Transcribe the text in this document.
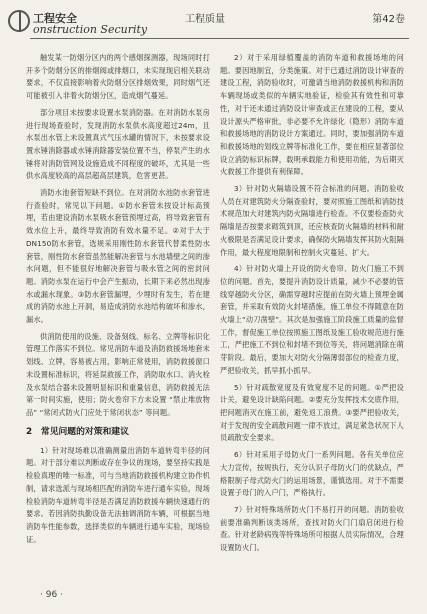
工程安全
onstruction Security
工程质量	第42卷

触发某一防烟分区内的两个感烟探测器，现场同时打开多个防烟分区的排烟阀或排烟口，未实现现启相关联动要求，不仅直接影响着火防烟分区排烟效果，同时烟气还可能被引入非着火防烟分区，造成烟气蔓延。

部分项目未按要求设置水泵消防器。在对消防水泵房进行现场查验时，发现消防水泵供水高度超过24m，且水泵出水管上未设置真式气压水罐的情况下，未按要求设置水锤消除器或水锤消除器安装位置不当，停泵产生的水锤将对消防管网及设施造成不同程度的破坏，尤其是一些供水高度较高的高层超高层建筑，危害更甚。

消防水池套管短缺不到位。在对消防水池防水套管进行查验时，常见以下问题。①防水套管未按设计标高预埋，若由建设消防水泵吸水套管预埋过高，将导致套管有效水位上升，最终导致消防有效水量不足。②对于大于DN150防水套管，选规采用刚性防水套管代替柔性防水套管，刚性防水套管虽然能解决套管与水池墙壁之间的渗水问题，但不能很好地解决套管与吸水管之间的密封问题。消防水泵在运行中会产生振动，长期下来必然出现渗水或漏水现象。③防水套管漏埋，少埋时有发生，若在建成的消防水池上开洞，易造成消防水池结构破坏和渗水，漏水。

供消防使用的设施、设备刻线、标名、立牌等标识化管理工作落实不到位。常见消防车道及消防救援场地套未划线、立牌，容易被占用，影响正常使用，消防救援窗口未设置标准标识，将延误救援工作，消防取水口、消火栓及水泵结合器未设置明显标识和重量信息，消防救援无法第一时间实施，使用；防火卷帘下方未设置 “禁止堆放物品” “常闭式防火门应处于常闭状态” 等问题。

2　常见问题的对策和建议

1）针对现场难以准确测量出消防车道转弯半径的问题。对于部分难以判断或存在争议的现场，要坚持实践是检验真理的唯一标准，可与当地消防救援机构建立协作机制，请求选派与现场相匹配的消防车进行通车实验，现场检验消防车道转弯半径是否满足消防救援车辆快速通行的要求。若因消防执勤设备无法抽调消防车辆，可根据当地消防车性能参数，选择类似的车辆进行通车实验，现场验证。

2）对于采用绿植覆盖的消防车道和救援场地的问题。要因地制宜，分类施策。对于已通过消防设计审查的建设工程，消防验收时，可邀请当地消防救援机构和消防车辆现场或类似的车辆实地验证，检验其有效性和可靠性，对于还未通过消防设计审查或正在建设的工程，要从设计源头严格审批，非必要不允许绿化（隐形）消防车道和救援场地的消防设计方案通过。同时，要加强消防车道和救援场地的划线立牌等标准化工作，要在相应显著部位设立消防标识标牌，载明承载能力和使用功能，为后期灭火救援工作提供有利保障。

3）针对防火隔墙设置不符合标准的问题。消防验收人员在对建筑防火分隔查验时，要对照施工图纸和消防技术规范加大对建筑内防火隔墙进行检查。不仅要检查防火隔墙是否按要求砌筑到顶，还应核查防火隔墙的材料和耐火极限是否满足设计要求，确保防火隔墙发挥其防火阻隔作用，最大程度地限制和控制火灾蔓延、扩大。

4）针对防火墙上开设的防火卷帘、防火门施工不到位的问题。首先，要提升消防设计质量，减少不必要的管线穿越防火分区，确需穿越时应提前在防火墙上预埋金属套管，并采取有效防火封堵措施，施工单位不得随意在防火墙上“动刀凿壁”。其次是加强施工阶段施工质量的监督工作，督促施工单位按照施工图纸及施工验收规范进行施工，严把施工不到位和封堵不到位等关，将问题消除在萌芽阶段。最后，要加大对防火分隔薄弱部位的检查力度，严把验收关，抓早抓小抓早。

5）针对疏散宽度及有效宽度不足的问题。①严把设计关，避免设计缺陷问题。②要充分发挥技术交底作用，把问题消灭在施工前，避免返工浪费。③要严把验收关，对于发现的安全疏散问题一律不放过，满足紧急状况下人员疏散安全要求。

6）针对采用子母防火门一系列问题。各有关单位应大力宣传，按规执行，充分认识子母防火门的优缺点，严格限制子母式防火门的运用场景，谨慎选用。对于不需要设置子母门的入户门，严格执行。

7）针对特殊场所防火门不易打开的问题。消防验收前要准确判断该类场所，查找对防火门门扇启闭进行检查。针对老龄病残等特殊场所可根据人员实际情况，合理设置防火门。

· 96 ·
